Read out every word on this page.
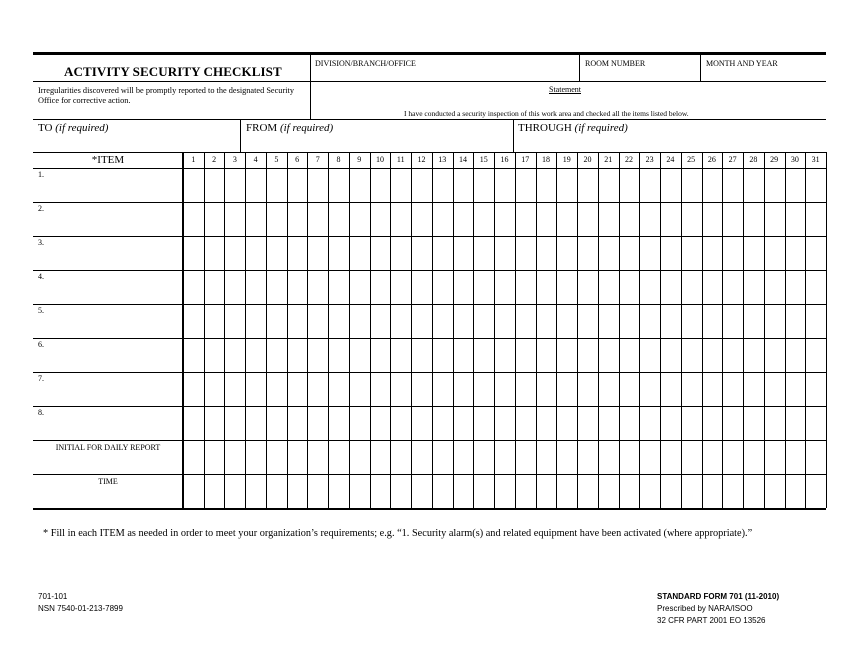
ACTIVITY SECURITY CHECKLIST
DIVISION/BRANCH/OFFICE	ROOM NUMBER	MONTH AND YEAR
Irregularities discovered will be promptly reported to the designated Security Office for corrective action.
Statement
I have conducted a security inspection of this work area and checked all the items listed below.
TO (if required)	FROM (if required)	THROUGH (if required)
*ITEM	1	2	3	4	5	6	7	8	9	10	11	12	13	14	15	16	17	18	19	20	21	22	23	24	25	26	27	28	29	30	31
1.
2.
3.
4.
5.
6.
7.
8.
INITIAL FOR DAILY REPORT
TIME
* Fill in each ITEM as needed in order to meet your organization’s requirements; e.g. “1. Security alarm(s) and related equipment have been activated (where appropriate).”
701-101
NSN 7540-01-213-7899
STANDARD FORM 701 (11-2010)
Prescribed by NARA/ISOO
32 CFR PART 2001 EO 13526
